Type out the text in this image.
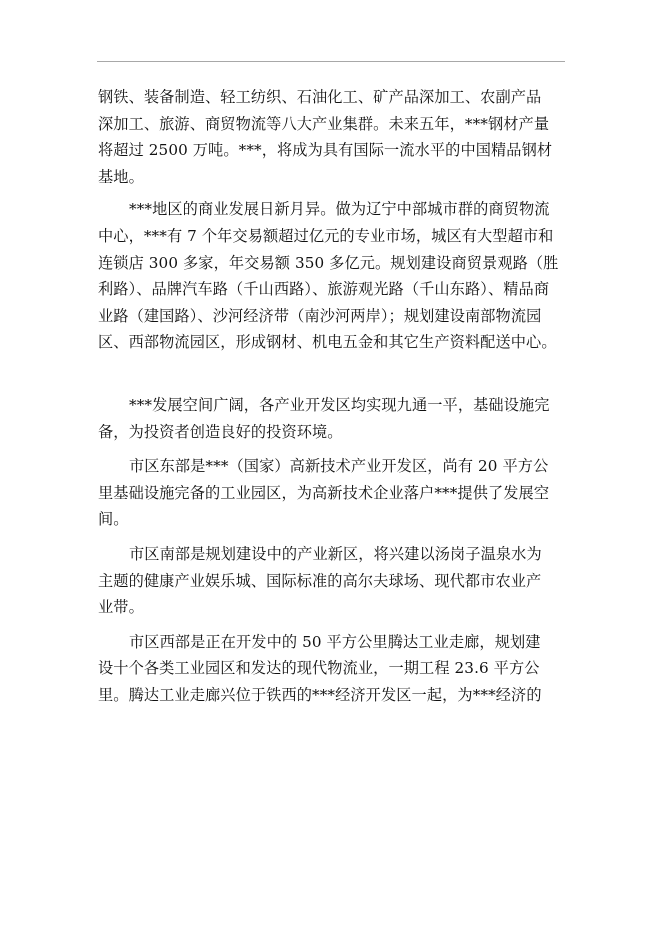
钢铁、装备制造、轻工纺织、石油化工、矿产品深加工、农副产品
深加工、旅游、商贸物流等八大产业集群。未来五年，***钢材产量
将超过 2500 万吨。***，将成为具有国际一流水平的中国精品钢材
基地。

***地区的商业发展日新月异。做为辽宁中部城市群的商贸物流
中心，***有 7 个年交易额超过亿元的专业市场，城区有大型超市和
连锁店 300 多家，年交易额 350 多亿元。规划建设商贸景观路（胜
利路）、品牌汽车路（千山西路）、旅游观光路（千山东路）、精品商
业路（建国路）、沙河经济带（南沙河两岸）；规划建设南部物流园
区、西部物流园区，形成钢材、机电五金和其它生产资料配送中心。

***发展空间广阔，各产业开发区均实现九通一平，基础设施完
备，为投资者创造良好的投资环境。

市区东部是***（国家）高新技术产业开发区，尚有 20 平方公
里基础设施完备的工业园区，为高新技术企业落户***提供了发展空
间。

市区南部是规划建设中的产业新区，将兴建以汤岗子温泉水为
主题的健康产业娱乐城、国际标准的高尔夫球场、现代都市农业产
业带。

市区西部是正在开发中的 50 平方公里腾达工业走廊，规划建
设十个各类工业园区和发达的现代物流业，一期工程 23.6 平方公
里。腾达工业走廊兴位于铁西的***经济开发区一起，为***经济的
